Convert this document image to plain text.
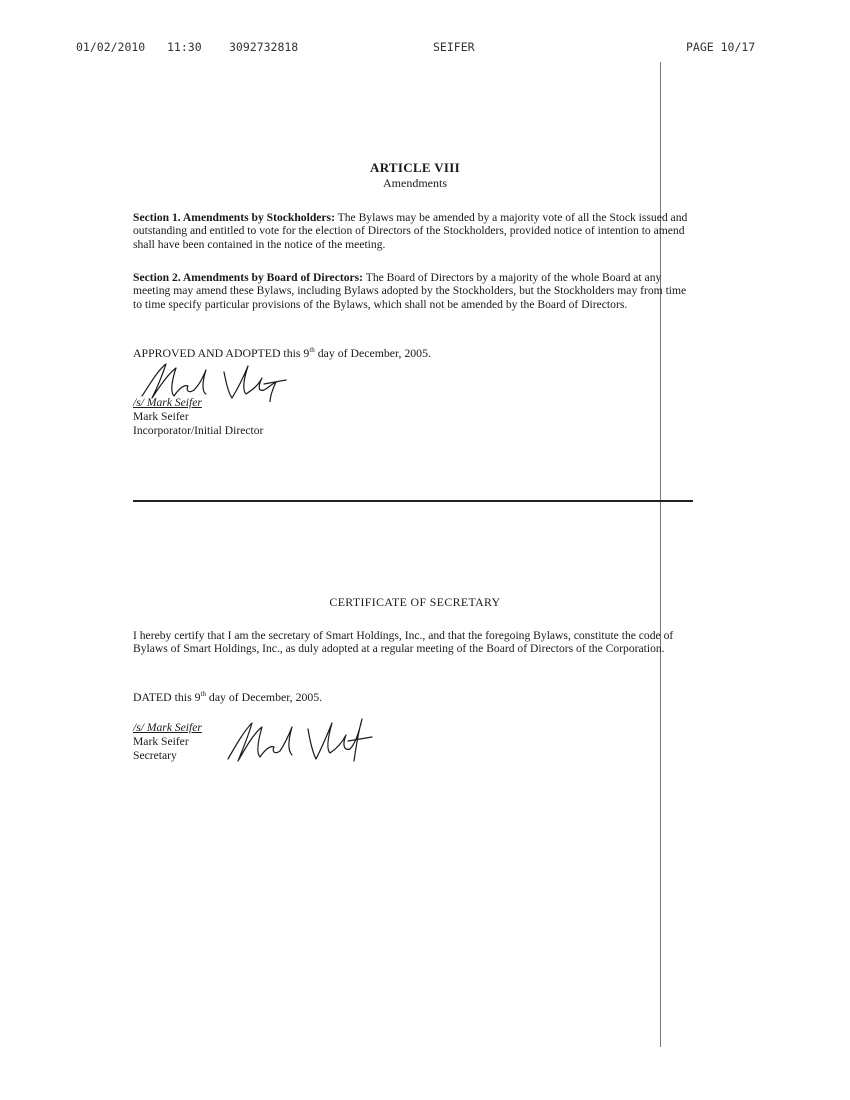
01/02/2010 11:30 3092732818	SEIFER	PAGE 10/17
ARTICLE VIII
Amendments
Section 1. Amendments by Stockholders: The Bylaws may be amended by a majority vote of all the Stock issued and outstanding and entitled to vote for the election of Directors of the Stockholders, provided notice of intention to amend shall have been contained in the notice of the meeting.
Section 2. Amendments by Board of Directors: The Board of Directors by a majority of the whole Board at any meeting may amend these Bylaws, including Bylaws adopted by the Stockholders, but the Stockholders may from time to time specify particular provisions of the Bylaws, which shall not be amended by the Board of Directors.
APPROVED AND ADOPTED this 9th day of December, 2005.
/s/ Mark Seifer
Mark Seifer
Incorporator/Initial Director
CERTIFICATE OF SECRETARY
I hereby certify that I am the secretary of Smart Holdings, Inc., and that the foregoing Bylaws, constitute the code of Bylaws of Smart Holdings, Inc., as duly adopted at a regular meeting of the Board of Directors of the Corporation.
DATED this 9th day of December, 2005.
/s/ Mark Seifer
Mark Seifer
Secretary
